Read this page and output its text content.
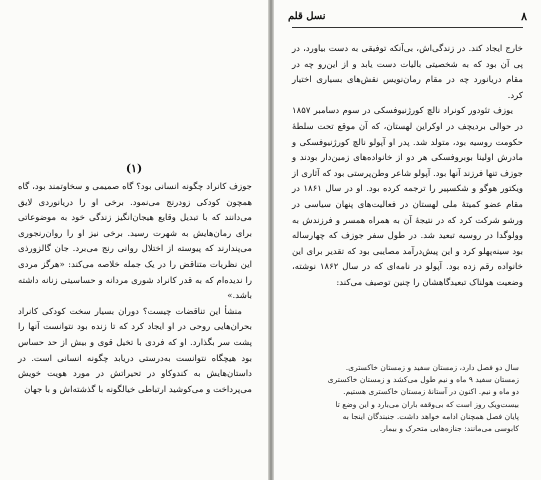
(۱)

جوزف کانراد چگونه انسانی بود؟ گاه صمیمی و سخاوتمند بود، گاه همچون کودکی زودرنج می‌نمود. برخی او را دریانوردی لایق می‌دانند که با تبدیل وقایع هیجان‌انگیز زندگی خود به موضوعاتی برای رمان‌هایش به شهرت رسید. برخی نیز او را روان‌رنجوری می‌پندارند که پیوسته از اختلال روانی رنج می‌برد. جان گالزورذی این نظریات متناقض را در یک جمله خلاصه می‌کند: «هرگز مردی را ندیده‌ام که به قدر کانراد شوری مردانه و حساسیتی زنانه داشته باشد.»

منشأ این تناقضات چیست؟ دوران بسیار سخت کودکی کانراد بحران‌هایی روحی در او ایجاد کرد که تا زنده بود نتوانست آنها را پشت سر بگذارد. او که فردی با تخیل قوی و بیش از حد حساس بود هیچگاه نتوانست به‌درستی دریابد چگونه انسانی است. در داستان‌هایش به کندوکاو در تحیراتش در مورد هویت خویش می‌پرداخت و می‌کوشید ارتباطی خیالگونه با گذشته‌اش و با جهان

۸
نسل قلم

خارج ایجاد کند. در زندگی‌اش، بی‌آنکه توفیقی به دست بیاورد، در پی آن بود که به شخصیتی بالیات دست یابد و از این‌رو چه در مقام دریانورد چه در مقام رمان‌نویس نقش‌های بسیاری اختیار کرد.

یوزف تئودور کونراد نالچ کورژنیوفسکی در سوم دسامبر ۱۸۵۷ در حوالی بردیچف در اوکراین لهستان، که آن موقع تحت سلطهٔ حکومت روسیه بود، متولد شد. پدر او آپولو نالچ کورژنیوفسکی و مادرش اولینا بوبروفسکی هر دو از خانواده‌های زمین‌دار بودند و جوزف تنها فرزند آنها بود. آپولو شاعر وطن‌پرستی بود که آثاری از ویکتور هوگو و شکسپیر را ترجمه کرده بود. او در سال ۱۸۶۱ در مقام عضو کمیتهٔ ملی لهستان در فعالیت‌های پنهان سیاسی در ورشو شرکت کرد که در نتیجهٔ آن به همراه همسر و فرزندش به وولوگدا در روسیه تبعید شد. در طول سفر جوزف که چهارساله بود سینه‌پهلو کرد و این پیش‌درآمد مصایبی بود که تقدیر برای این خانواده رقم زده بود. آپولو در نامه‌ای که در سال ۱۸۶۲ نوشته، وضعیت هولناک تبعیدگاهشان را چنین توصیف می‌کند:

سال دو فصل دارد، زمستان سفید و زمستان خاکستری.
زمستان سفید ۹ ماه و نیم طول می‌کشد و زمستان خاکستری
دو ماه و نیم. اکنون در آستانهٔ زمستان خاکستری هستیم.
بیست‌ویک روز است که بی‌وقفه باران می‌بارد و این وضع تا
پایان فصل همچنان ادامه خواهد داشت. جنبندگان اینجا به
کابوسی می‌مانند: جنازه‌هایی متحرک و بیمار.
